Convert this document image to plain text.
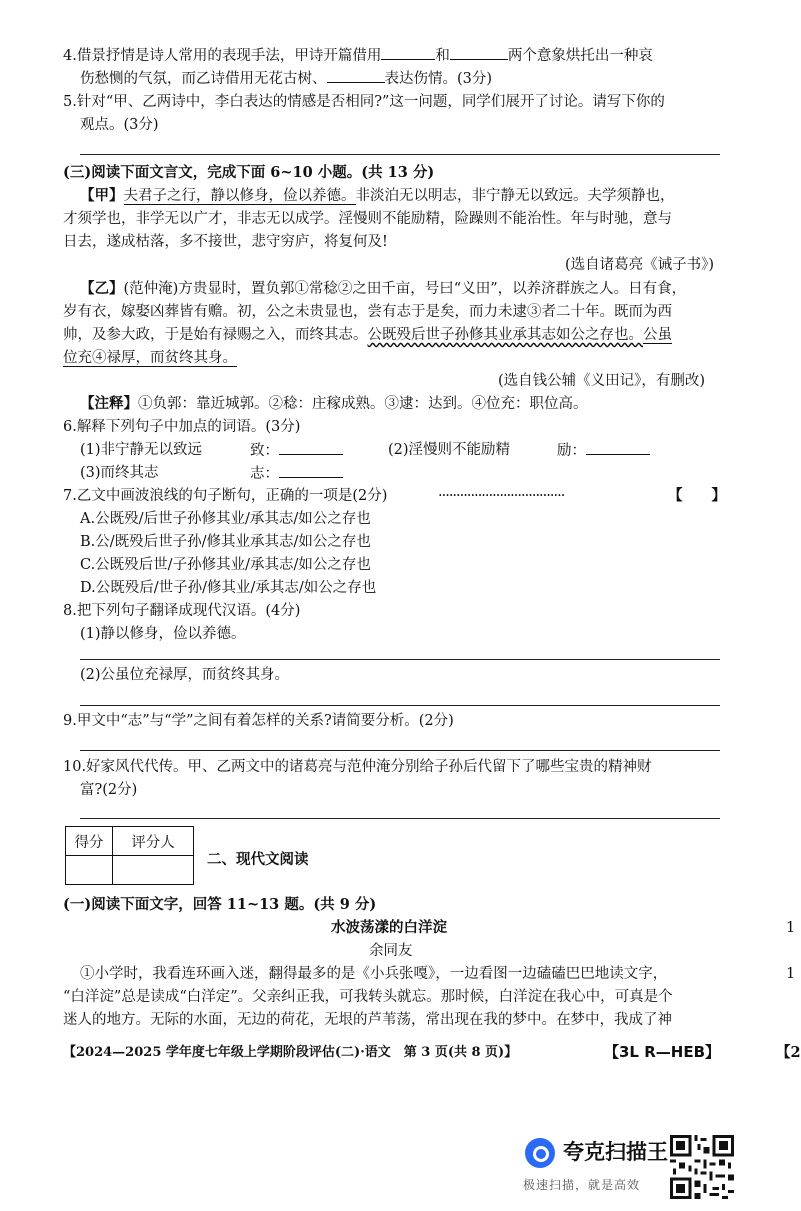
4.借景抒情是诗人常用的表现手法，甲诗开篇借用	和	两个意象烘托出一种哀
伤愁恻的气氛，而乙诗借用无花古树、	表达伤情。(3分)
5.针对“甲、乙两诗中，李白表达的情感是否相同?”这一问题，同学们展开了讨论。请写下你的
观点。(3分)
(三)阅读下面文言文，完成下面 6~10 小题。(共 13 分)
【甲】夫君子之行，静以修身，俭以养德。非淡泊无以明志，非宁静无以致远。夫学须静也，
才须学也，非学无以广才，非志无以成学。淫慢则不能励精，险躁则不能治性。年与时驰，意与
日去，遂成枯落，多不接世，悲守穷庐，将复何及!
(选自诸葛亮《诫子书》)
【乙】(范仲淹)方贵显时，置负郭①常稔②之田千亩，号曰“义田”，以养济群族之人。日有食，
岁有衣，嫁娶凶葬皆有赡。初，公之未贵显也，尝有志于是矣，而力未逮③者二十年。既而为西
帅，及参大政，于是始有禄赐之入，而终其志。公既殁后世子孙修其业承其志如公之存也。公虽
位充④禄厚，而贫终其身。
(选自钱公辅《义田记》，有删改)
【注释】①负郭：靠近城郭。②稔：庄稼成熟。③逮：达到。④位充：职位高。
6.解释下列句子中加点的词语。(3分)
(1)非宁静无以致远	致：	(2)淫慢则不能励精	励：
(3)而终其志	志：
7.乙文中画波浪线的句子断句，正确的一项是(2分)	···································	【　　】
A.公既殁/后世子孙修其业/承其志/如公之存也
B.公/既殁后世子孙/修其业承其志/如公之存也
C.公既殁后世/子孙修其业/承其志/如公之存也
D.公既殁后/世子孙/修其业/承其志/如公之存也
8.把下列句子翻译成现代汉语。(4分)
(1)静以修身，俭以养德。
(2)公虽位充禄厚，而贫终其身。
9.甲文中“志”与“学”之间有着怎样的关系?请简要分析。(2分)
10.好家风代代传。甲、乙两文中的诸葛亮与范仲淹分别给子孙后代留下了哪些宝贵的精神财
富?(2分)
得分	评分人

二、现代文阅读
(一)阅读下面文字，回答 11~13 题。(共 9 分)
水波荡漾的白洋淀
余同友
①小学时，我看连环画入迷，翻得最多的是《小兵张嘎》，一边看图一边磕磕巴巴地读文字，
“白洋淀”总是读成“白洋定”。父亲纠正我，可我转头就忘。那时候，白洋淀在我心中，可真是个
迷人的地方。无际的水面，无边的荷花，无垠的芦苇荡，常出现在我的梦中。在梦中，我成了神
1
1
【2
【2024—2025 学年度七年级上学期阶段评估(二)·语文　第 3 页(共 8 页)】	【3L R—HEB】
夸克扫描王
极速扫描，就是高效
